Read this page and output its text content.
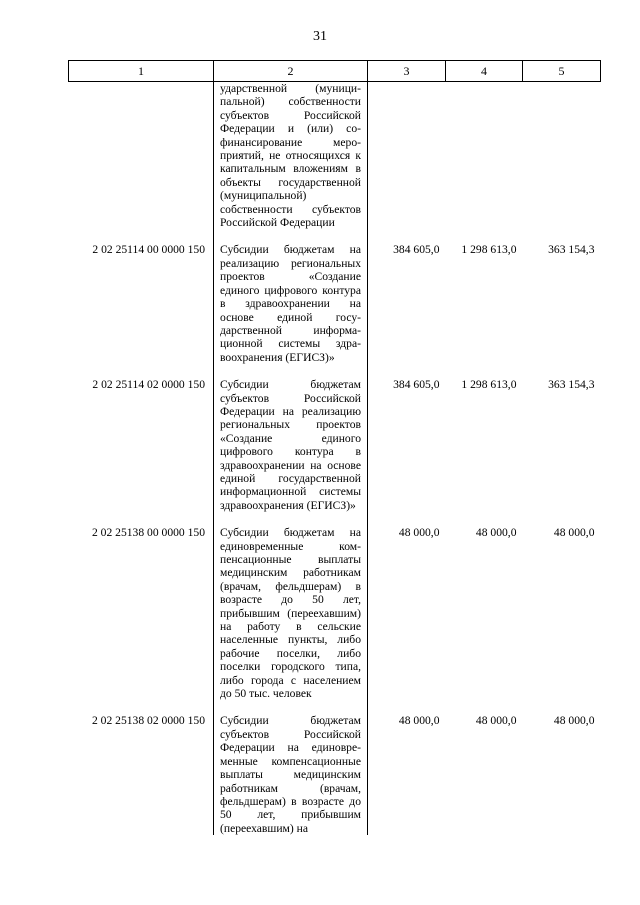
31
1	2	3	4	5
	ударственной (муниципальной) собственности субъектов Российской Федерации и (или) софинансирование мероприятий, не относящихся к капитальным вложениям в объекты государственной (муниципальной) собственности субъектов Российской Федерации			

2 02 25114 00 0000 150	Субсидии бюджетам на реализацию региональных проектов «Создание единого цифрового контура в здравоохранении на основе единой государственной информационной системы здравоохранения (ЕГИСЗ)»	384 605,0	1 298 613,0	363 154,3

2 02 25114 02 0000 150	Субсидии бюджетам субъектов Российской Федерации на реализацию региональных проектов «Создание единого цифрового контура в здравоохранении на основе единой государственной информационной системы здравоохранения (ЕГИСЗ)»	384 605,0	1 298 613,0	363 154,3

2 02 25138 00 0000 150	Субсидии бюджетам на единовременные компенсационные выплаты медицинским работникам (врачам, фельдшерам) в возрасте до 50 лет, прибывшим (переехавшим) на работу в сельские населенные пункты, либо рабочие поселки, либо поселки городского типа, либо города с населением до 50 тыс. человек	48 000,0	48 000,0	48 000,0

2 02 25138 02 0000 150	Субсидии бюджетам субъектов Российской Федерации на единовременные компенсационные выплаты медицинским работникам (врачам, фельдшерам) в возрасте до 50 лет, прибывшим (переехавшим) на	48 000,0	48 000,0	48 000,0
